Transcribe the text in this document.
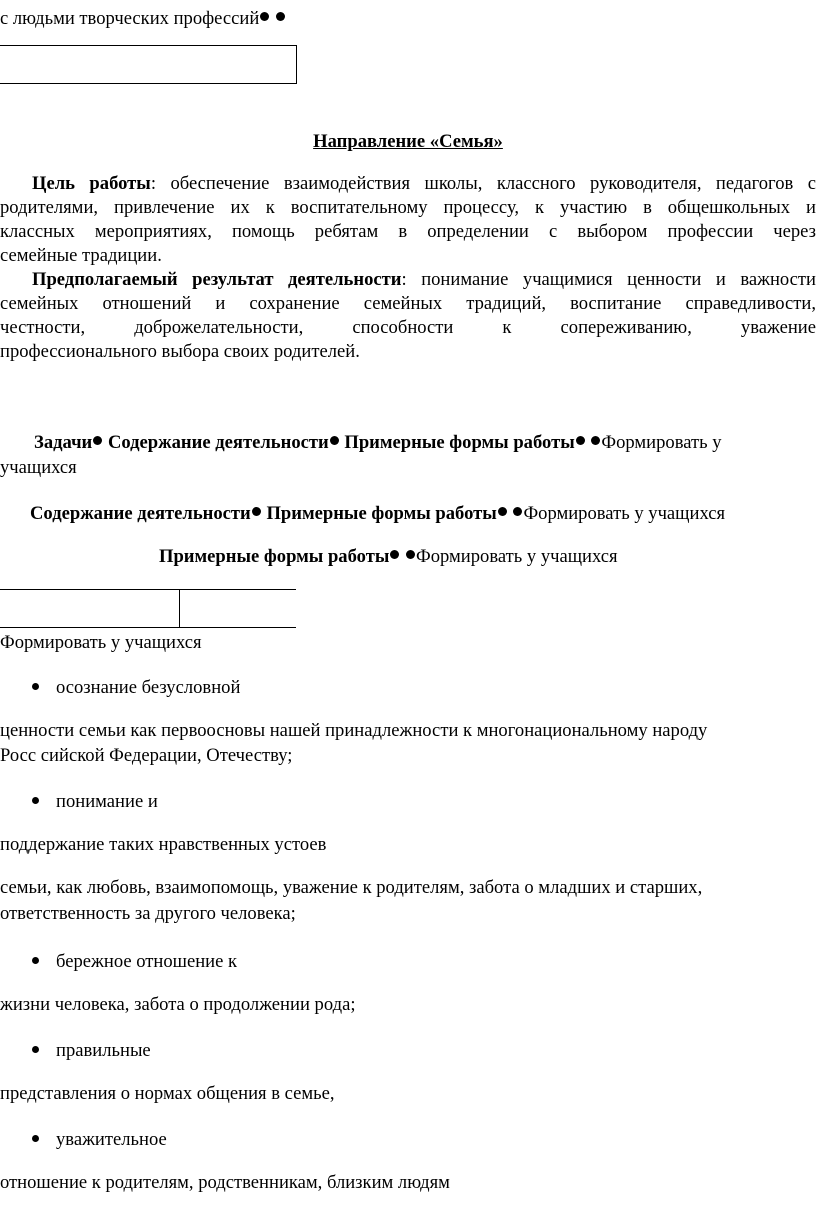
с людьми творческих профессий
Направление «Семья»
Цель работы: обеспечение взаимодействия школы, классного руководителя, педагогов с
родителями, привлечение их к воспитательному процессу, к участию в общешкольных и
классных мероприятиях, помощь ребятам в определении с выбором профессии через
семейные традиции.
Предполагаемый результат деятельности: понимание учащимися ценности и важности
семейных отношений и сохранение семейных традиций, воспитание справедливости,
честности, доброжелательности, способности к сопереживанию, уважение
профессионального выбора своих родителей.
Задачи Содержание деятельности Примерные формы работы Формировать у
учащихся
Содержание деятельности Примерные формы работы Формировать у учащихся
Примерные формы работы Формировать у учащихся
Формировать у учащихся
осознание безусловной
ценности семьи как первоосновы нашей принадлежности к многонациональному народу
Росс сийской Федерации, Отечеству;
понимание и
поддержание таких нравственных устоев
семьи, как любовь, взаимопомощь, уважение к родителям, забота о младших и старших,
ответственность за другого человека;
бережное отношение к
жизни человека, забота о продолжении рода;
правильные
представления о нормах общения в семье,
уважительное
отношение к родителям, родственникам, близким людям
